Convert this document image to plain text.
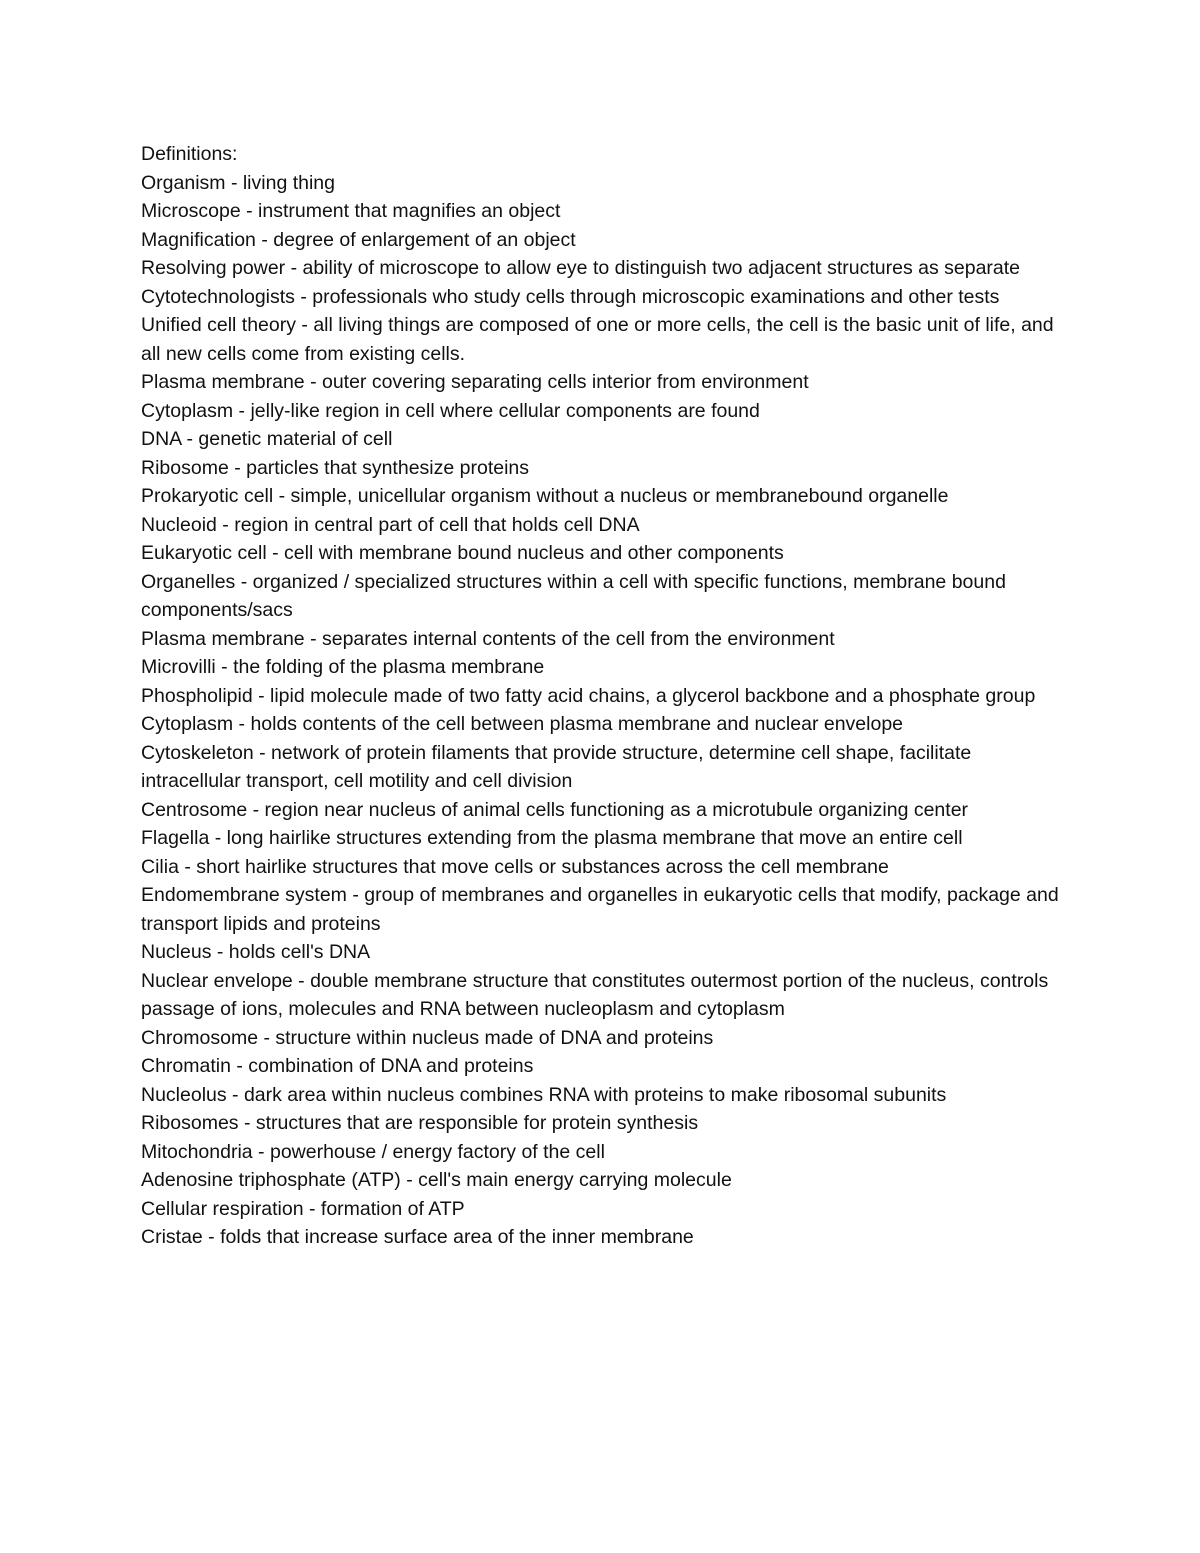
Definitions:

Organism - living thing

Microscope - instrument that magnifies an object

Magnification - degree of enlargement of an object

Resolving power - ability of microscope to allow eye to distinguish two adjacent structures as separate

Cytotechnologists - professionals who study cells through microscopic examinations and other tests

Unified cell theory - all living things are composed of one or more cells, the cell is the basic unit of life, and all new cells come from existing cells.

Plasma membrane - outer covering separating cells interior from environment

Cytoplasm - jelly-like region in cell where cellular components are found

DNA - genetic material of cell

Ribosome - particles that synthesize proteins

Prokaryotic cell - simple, unicellular organism without a nucleus or membranebound organelle

Nucleoid - region in central part of cell that holds cell DNA

Eukaryotic cell - cell with membrane bound nucleus and other components

Organelles - organized / specialized structures within a cell with specific functions, membrane bound components/sacs

Plasma membrane - separates internal contents of the cell from the environment

Microvilli - the folding of the plasma membrane

Phospholipid - lipid molecule made of two fatty acid chains, a glycerol backbone and a phosphate group

Cytoplasm - holds contents of the cell between plasma membrane and nuclear envelope

Cytoskeleton - network of protein filaments that provide structure, determine cell shape, facilitate intracellular transport, cell motility and cell division

Centrosome - region near nucleus of animal cells functioning as a microtubule organizing center

Flagella - long hairlike structures extending from the plasma membrane that move an entire cell

Cilia - short hairlike structures that move cells or substances across the cell membrane

Endomembrane system - group of membranes and organelles in eukaryotic cells that modify, package and transport lipids and proteins

Nucleus - holds cell's DNA

Nuclear envelope - double membrane structure that constitutes outermost portion of the nucleus, controls passage of ions, molecules and RNA between nucleoplasm and cytoplasm

Chromosome - structure within nucleus made of DNA and proteins

Chromatin - combination of DNA and proteins

Nucleolus - dark area within nucleus combines RNA with proteins to make ribosomal subunits

Ribosomes - structures that are responsible for protein synthesis

Mitochondria - powerhouse / energy factory of the cell

Adenosine triphosphate (ATP) - cell's main energy carrying molecule

Cellular respiration - formation of ATP

Cristae - folds that increase surface area of the inner membrane
